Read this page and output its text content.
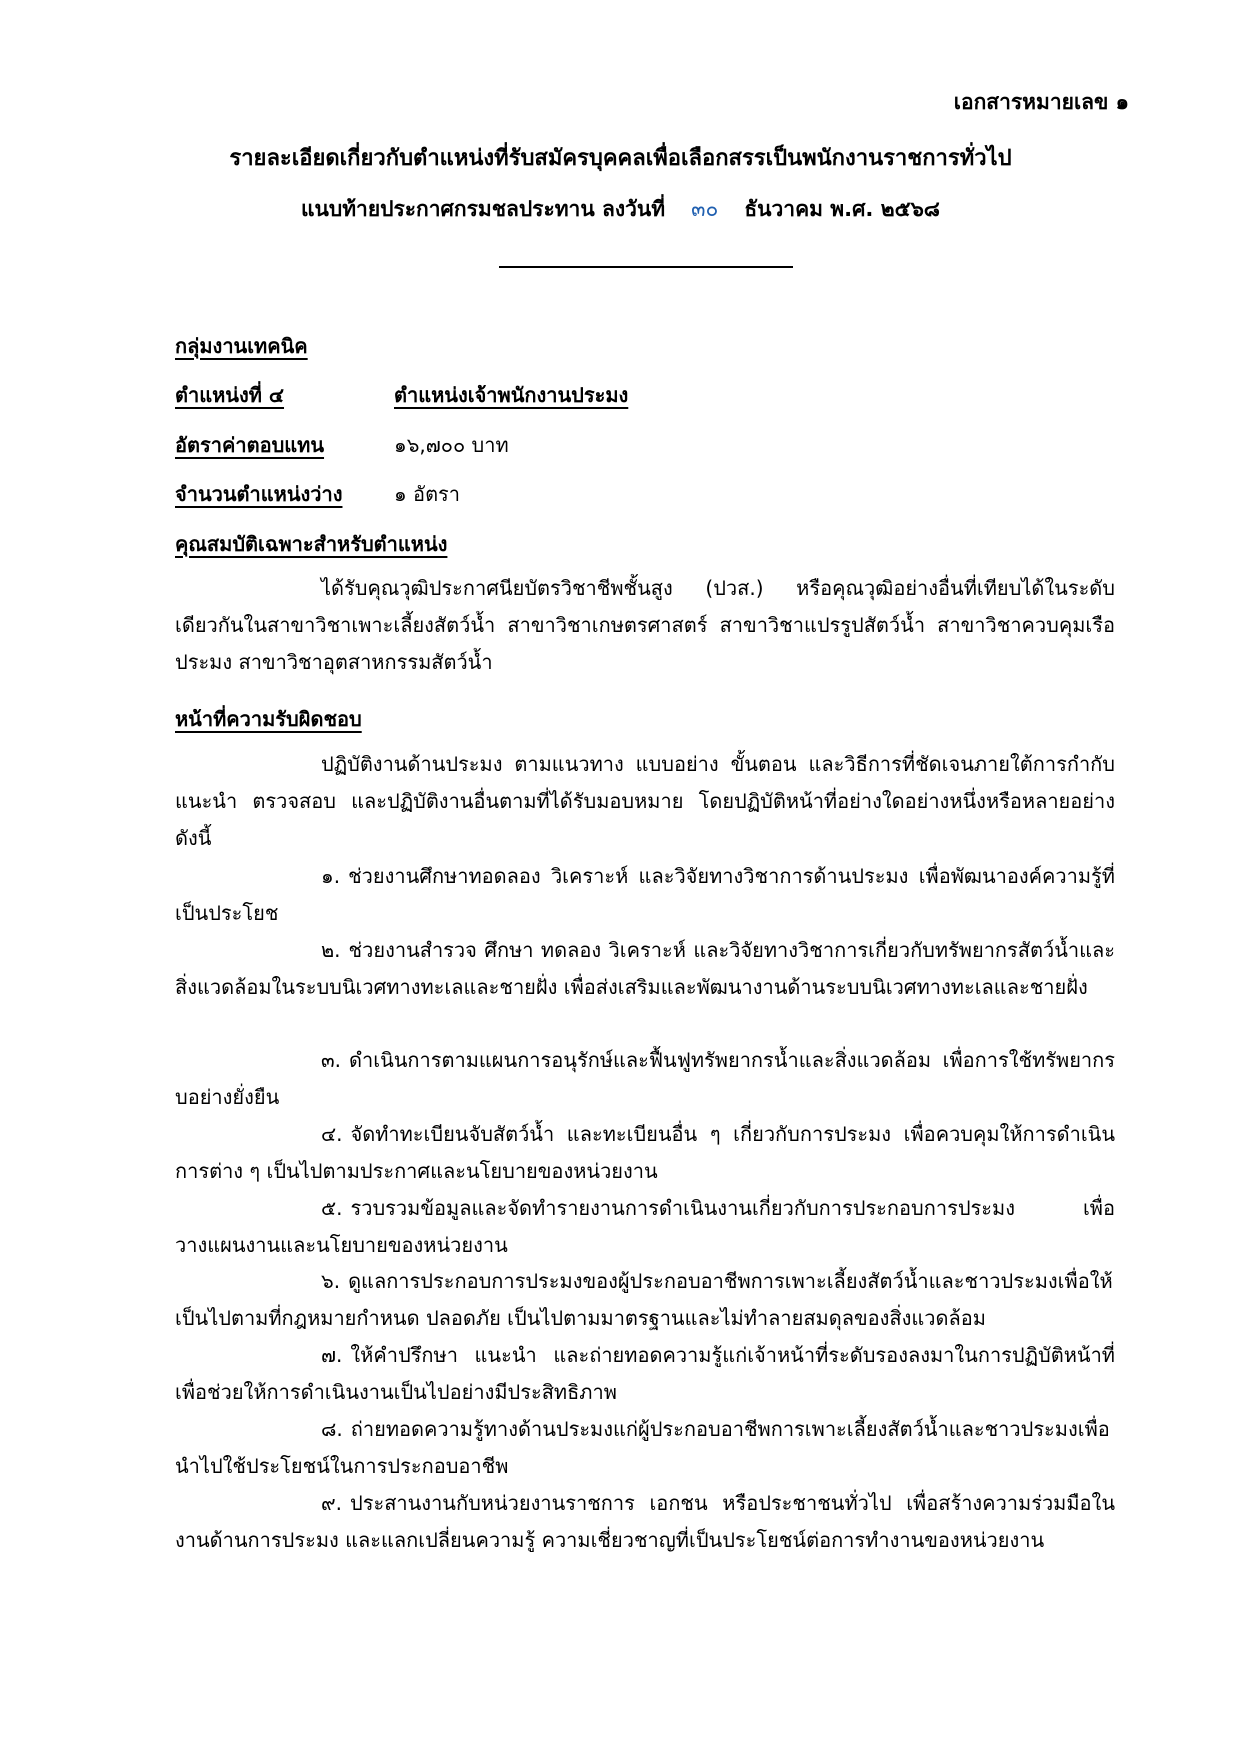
เอกสารหมายเลข ๑
รายละเอียดเกี่ยวกับตำแหน่งที่รับสมัครบุคคลเพื่อเลือกสรรเป็นพนักงานราชการทั่วไป
แนบท้ายประกาศกรมชลประทาน ลงวันที่ ๓๐ ธันวาคม พ.ศ. ๒๕๖๘
กลุ่มงานเทคนิค
ตำแหน่งที่ ๔	ตำแหน่งเจ้าพนักงานประมง
อัตราค่าตอบแทน	๑๖,๗๐๐ บาท
จำนวนตำแหน่งว่าง	๑ อัตรา
คุณสมบัติเฉพาะสำหรับตำแหน่ง

ได้รับคุณวุฒิประกาศนียบัตรวิชาชีพชั้นสูง (ปวส.) หรือคุณวุฒิอย่างอื่นที่เทียบได้ในระดับเดียวกันในสาขาวิชาเพาะเลี้ยงสัตว์น้ำ สาขาวิชาเกษตรศาสตร์ สาขาวิชาแปรรูปสัตว์น้ำ สาขาวิชาควบคุมเรือประมง สาขาวิชาอุตสาหกรรมสัตว์น้ำ

หน้าที่ความรับผิดชอบ

ปฏิบัติงานด้านประมง ตามแนวทาง แบบอย่าง ขั้นตอน และวิธีการที่ชัดเจนภายใต้การกำกับ แนะนำ ตรวจสอบ และปฏิบัติงานอื่นตามที่ได้รับมอบหมาย โดยปฏิบัติหน้าที่อย่างใดอย่างหนึ่งหรือหลายอย่าง ดังนี้

๑. ช่วยงานศึกษาทอดลอง วิเคราะห์ และวิจัยทางวิชาการด้านประมง เพื่อพัฒนาองค์ความรู้ที่เป็นประโยช

๒. ช่วยงานสำรวจ ศึกษา ทดลอง วิเคราะห์ และวิจัยทางวิชาการเกี่ยวกับทรัพยากรสัตว์น้ำและสิ่งแวดล้อมในระบบนิเวศทางทะเลและชายฝั่ง เพื่อส่งเสริมและพัฒนางานด้านระบบนิเวศทางทะเลและชายฝั่ง

๓. ดำเนินการตามแผนการอนุรักษ์และฟื้นฟูทรัพยากรน้ำและสิ่งแวดล้อม เพื่อการใช้ทรัพยากรบอย่างยั่งยืน

๔. จัดทำทะเบียนจับสัตว์น้ำ และทะเบียนอื่น ๆ เกี่ยวกับการประมง เพื่อควบคุมให้การดำเนินการต่าง ๆ เป็นไปตามประกาศและนโยบายของหน่วยงาน

๕. รวบรวมข้อมูลและจัดทำรายงานการดำเนินงานเกี่ยวกับการประกอบการประมง เพื่อวางแผนงานและนโยบายของหน่วยงาน

๖. ดูแลการประกอบการประมงของผู้ประกอบอาชีพการเพาะเลี้ยงสัตว์น้ำและชาวประมงเพื่อให้เป็นไปตามที่กฎหมายกำหนด ปลอดภัย เป็นไปตามมาตรฐานและไม่ทำลายสมดุลของสิ่งแวดล้อม

๗. ให้คำปรึกษา แนะนำ และถ่ายทอดความรู้แก่เจ้าหน้าที่ระดับรองลงมาในการปฏิบัติหน้าที่เพื่อช่วยให้การดำเนินงานเป็นไปอย่างมีประสิทธิภาพ

๘. ถ่ายทอดความรู้ทางด้านประมงแก่ผู้ประกอบอาชีพการเพาะเลี้ยงสัตว์น้ำและชาวประมงเพื่อนำไปใช้ประโยชน์ในการประกอบอาชีพ

๙. ประสานงานกับหน่วยงานราชการ เอกชน หรือประชาชนทั่วไป เพื่อสร้างความร่วมมือในงานด้านการประมง และแลกเปลี่ยนความรู้ ความเชี่ยวชาญที่เป็นประโยชน์ต่อการทำงานของหน่วยงาน
